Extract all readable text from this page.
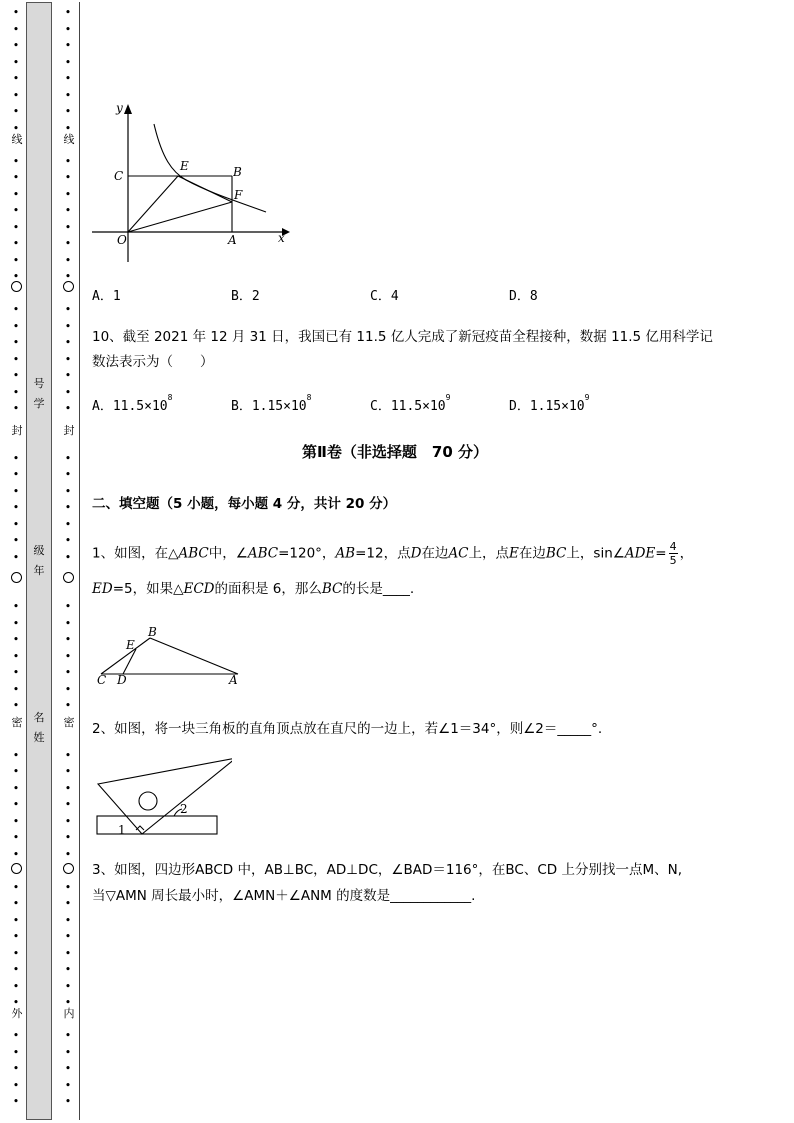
线
封
密
外
线
封
密
内
号
学
级
年
名
姓
y
x
C
E	B
F
O	A
A．1	B．2	C．4	D．8
10、截至 2021 年 12 月 31 日，我国已有 11.5 亿人完成了新冠疫苗全程接种，数据 11.5 亿用科学记
数法表示为（　　）
A．$11.5\times 10^8$
B．$1.15\times 10^8$
C．$11.5\times 10^9$
D．$1.15\times 10^9$
第Ⅱ卷（非选择题　70 分）
二、填空题（5 小题，每小题 4 分，共计 20 分）
1、如图，在△ABC中，∠ABC=120°，AB=12，点D在边AC上，点E在边BC上，sin∠ADE= $\frac{4}{5}$ ，
ED=5，如果△ECD的面积是 6，那么BC的长是____.
B
E
C D	A
2、如图，将一块三角板的直角顶点放在直尺的一边上，若∠1＝34°，则∠2＝_____°.
1
2
3、如图，四边形ABCD 中，AB⊥BC，AD⊥DC，∠BAD＝116°，在BC、CD 上分别找一点M、N,
当▽AMN 周长最小时，∠AMN＋∠ANM 的度数是____________.
•
•
•
•
•
•
•
•
•
•
•
•
•
•
•
•
•
•
•
•
•
•
•
•
•
•
•
•
•
•
•
•
•
•
•
•
•
•
•
•
•
•
•
•
•
•
•
•
•
•
•
•
•
•
•
•
•
•
•
•
•
•
•
•
•
•
•
•
•
•
•
•
•
•
•
•
•
•
•
•
•
•
•
•
•
•
•
•
•
•
•
•
•
•
•
•
•
•
•
•
•
•
•
•
•
•
•
•
•
•
•
•
•
•
